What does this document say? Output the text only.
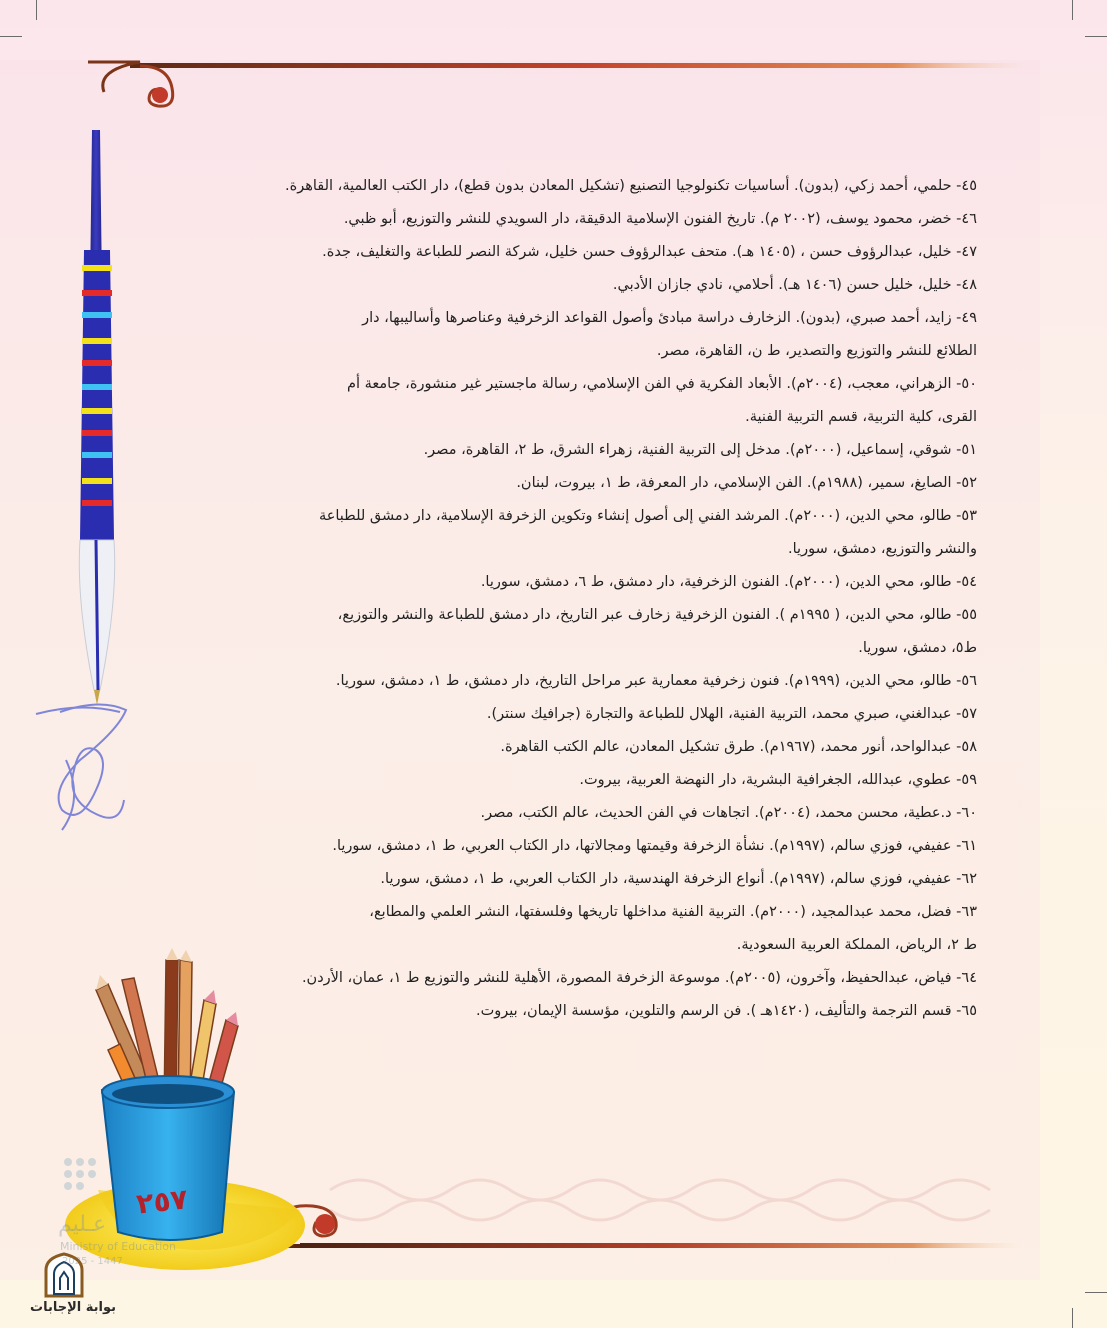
٢٥٧
عـليم
Ministry of Education
2025 - 1447
بوابة الإجابات
٤٥- حلمي، أحمد زكي، (بدون). أساسيات تكنولوجيا التصنيع (تشكيل المعادن بدون قطع)، دار الكتب العالمية، القاهرة.
٤٦- خضر، محمود يوسف، (٢٠٠٢ م). تاريخ الفنون الإسلامية الدقيقة، دار السويدي للنشر والتوزيع، أبو ظبي.
٤٧- خليل، عبدالرؤوف حسن ، (١٤٠٥ هـ). متحف عبدالرؤوف حسن خليل، شركة النصر للطباعة والتغليف، جدة.
٤٨- خليل، خليل حسن (١٤٠٦ هـ). أحلامي، نادي جازان الأدبي.
٤٩- زايد، أحمد صبري، (بدون). الزخارف دراسة مبادئ وأصول القواعد الزخرفية وعناصرها وأساليبها، دار
الطلائع للنشر والتوزيع والتصدير، ط ن، القاهرة، مصر.
٥٠- الزهراني، معجب، (٢٠٠٤م). الأبعاد الفكرية في الفن الإسلامي، رسالة ماجستير غير منشورة، جامعة أم
القرى، كلية التربية، قسم التربية الفنية.
٥١- شوقي، إسماعيل، (٢٠٠٠م). مدخل إلى التربية الفنية، زهراء الشرق، ط ٢، القاهرة، مصر.
٥٢- الصايغ، سمير، (١٩٨٨م). الفن الإسلامي، دار المعرفة، ط ١، بيروت، لبنان.
٥٣- طالو، محي الدين، (٢٠٠٠م). المرشد الفني إلى أصول إنشاء وتكوين الزخرفة الإسلامية، دار دمشق للطباعة
والنشر والتوزيع، دمشق، سوريا.
٥٤- طالو، محي الدين، (٢٠٠٠م). الفنون الزخرفية، دار دمشق، ط ٦، دمشق، سوريا.
٥٥- طالو، محي الدين، ( ١٩٩٥م ). الفنون الزخرفية زخارف عبر التاريخ، دار دمشق للطباعة والنشر والتوزيع،
ط٥، دمشق، سوريا.
٥٦- طالو، محي الدين، (١٩٩٩م). فنون زخرفية معمارية عبر مراحل التاريخ، دار دمشق، ط ١، دمشق، سوريا.
٥٧- عبدالغني، صبري محمد، التربية الفنية، الهلال للطباعة والتجارة (جرافيك سنتر).
٥٨- عبدالواحد، أنور محمد، (١٩٦٧م). طرق تشكيل المعادن، عالم الكتب القاهرة.
٥٩- عطوي، عبدالله، الجغرافية البشرية، دار النهضة العربية، بيروت.
٦٠- د.عطية، محسن محمد، (٢٠٠٤م). اتجاهات في الفن الحديث، عالم الكتب، مصر.
٦١- عفيفي، فوزي سالم، (١٩٩٧م). نشأة الزخرفة وقيمتها ومجالاتها، دار الكتاب العربي، ط ١، دمشق، سوريا.
٦٢- عفيفي، فوزي سالم، (١٩٩٧م). أنواع الزخرفة الهندسية، دار الكتاب العربي، ط ١، دمشق، سوريا.
٦٣- فضل، محمد عبدالمجيد، (٢٠٠٠م). التربية الفنية مداخلها تاريخها وفلسفتها، النشر العلمي والمطابع،
ط ٢، الرياض، المملكة العربية السعودية.
٦٤- فياض، عبدالحفيظ، وآخرون، (٢٠٠٥م). موسوعة الزخرفة المصورة، الأهلية للنشر والتوزيع ط ١، عمان، الأردن.
٦٥- قسم الترجمة والتأليف، (١٤٢٠هـ ). فن الرسم والتلوين، مؤسسة الإيمان، بيروت.
